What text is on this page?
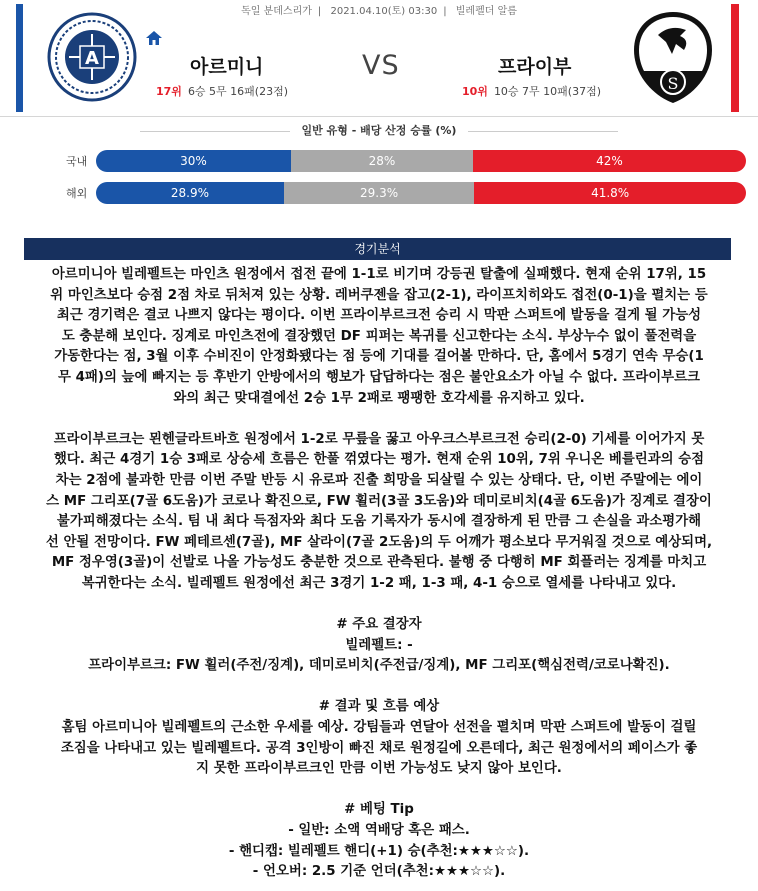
독일 분데스리가 | 2021.04.10(토) 03:30 | 빌레펠더 알름
A
S
아르미니	VS	프라이부
17위 6승 5무 16패(23점)	10위 10승 7무 10패(37점)
일반 유형 - 배당 산정 승률 (%)
국내	30%	28%	42%
해외	28.9%	29.3%	41.8%
경기분석

아르미니아 빌레펠트는 마인츠 원정에서 접전 끝에 1-1로 비기며 강등권 탈출에 실패했다. 현재 순위 17위, 15

위 마인츠보다 승점 2점 차로 뒤처져 있는 상황. 레버쿠젠을 잡고(2-1), 라이프치히와도 접전(0-1)을 펼치는 등

최근 경기력은 결코 나쁘지 않다는 평이다. 이번 프라이부르크전 승리 시 막판 스퍼트에 발동을 걸게 될 가능성

도 충분해 보인다. 징계로 마인츠전에 결장했던 DF 피퍼는 복귀를 신고한다는 소식. 부상누수 없이 풀전력을

가동한다는 점, 3월 이후 수비진이 안정화됐다는 점 등에 기대를 걸어볼 만하다. 단, 홈에서 5경기 연속 무승(1

무 4패)의 늪에 빠지는 등 후반기 안방에서의 행보가 답답하다는 점은 불안요소가 아닐 수 없다. 프라이부르크

와의 최근 맞대결에선 2승 1무 2패로 팽팽한 호각세를 유지하고 있다.

프라이부르크는 묀헨글라트바흐 원정에서 1-2로 무릎을 꿇고 아우크스부르크전 승리(2-0) 기세를 이어가지 못

했다. 최근 4경기 1승 3패로 상승세 흐름은 한풀 꺾였다는 평가. 현재 순위 10위, 7위 우니온 베를린과의 승점

차는 2점에 불과한 만큼 이번 주말 반등 시 유로파 진출 희망을 되살릴 수 있는 상태다. 단, 이번 주말에는 에이

스 MF 그리포(7골 6도움)가 코로나 확진으로, FW 횔러(3골 3도움)와 데미로비치(4골 6도움)가 징계로 결장이

불가피해졌다는 소식. 팀 내 최다 득점자와 최다 도움 기록자가 동시에 결장하게 된 만큼 그 손실을 과소평가해

선 안될 전망이다. FW 페테르센(7골), MF 살라이(7골 2도움)의 두 어깨가 평소보다 무거워질 것으로 예상되며,

MF 정우영(3골)이 선발로 나올 가능성도 충분한 것으로 관측된다. 불행 중 다행히 MF 회플러는 징계를 마치고

복귀한다는 소식. 빌레펠트 원정에선 최근 3경기 1-2 패, 1-3 패, 4-1 승으로 열세를 나타내고 있다.

# 주요 결장자

빌레펠트: -

프라이부르크: FW 횔러(주전/징계), 데미로비치(주전급/징계), MF 그리포(핵심전력/코로나확진).

# 결과 및 흐름 예상

홈팀 아르미니아 빌레펠트의 근소한 우세를 예상. 강팀들과 연달아 선전을 펼치며 막판 스퍼트에 발동이 걸릴

조짐을 나타내고 있는 빌레펠트다. 공격 3인방이 빠진 채로 원정길에 오른데다, 최근 원정에서의 페이스가 좋

지 못한 프라이부르크인 만큼 이번 가능성도 낮지 않아 보인다.

# 베팅 Tip

- 일반: 소액 역배당 혹은 패스.

- 핸디캡: 빌레펠트 핸디(+1) 승(추천:★★★☆☆).

- 언오버: 2.5 기준 언더(추천:★★★☆☆).
